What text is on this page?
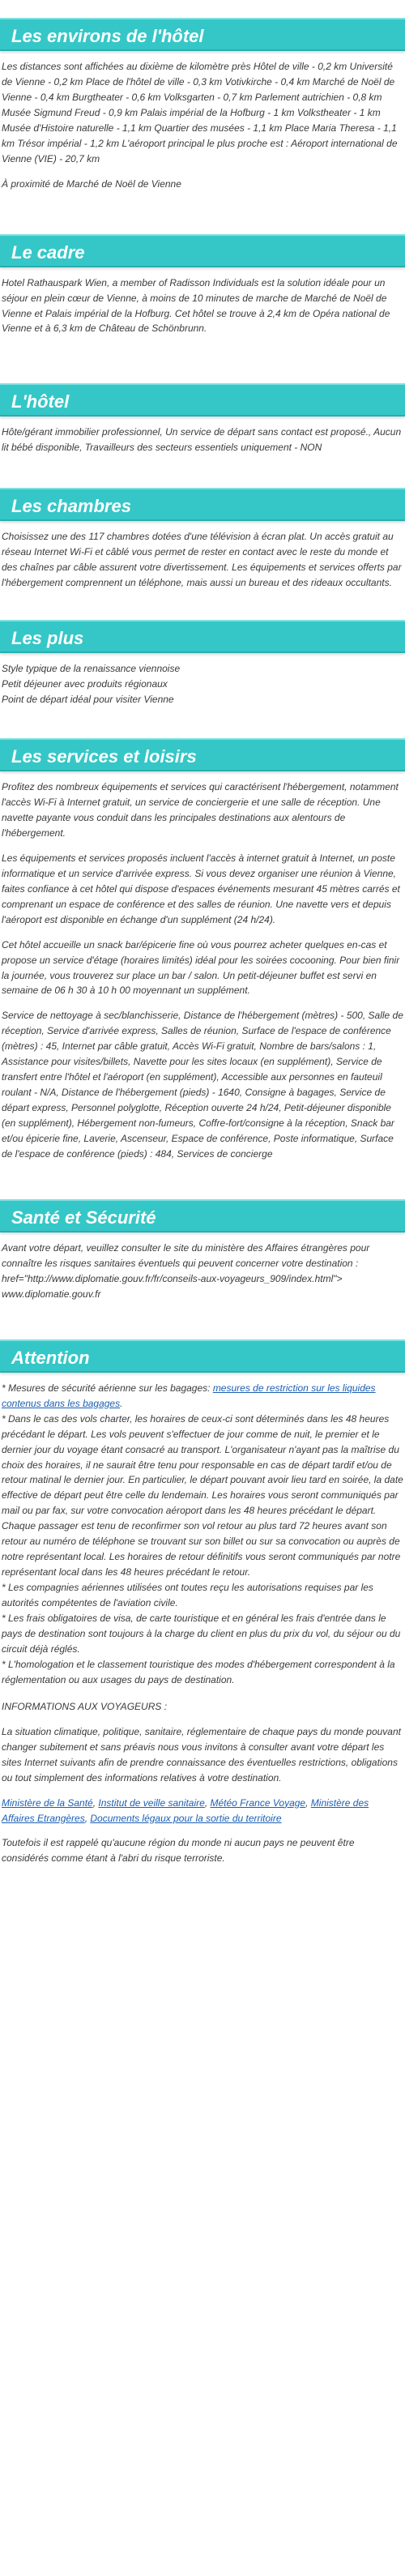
Les environs de l'hôtel

Les distances sont affichées au dixième de kilomètre près Hôtel de ville - 0,2 km Université de Vienne - 0,2 km Place de l'hôtel de ville - 0,3 km Votivkirche - 0,4 km Marché de Noël de Vienne - 0,4 km Burgtheater - 0,6 km Volksgarten - 0,7 km Parlement autrichien - 0,8 km Musée Sigmund Freud - 0,9 km Palais impérial de la Hofburg - 1 km Volkstheater - 1 km Musée d'Histoire naturelle - 1,1 km Quartier des musées - 1,1 km Place Maria Theresa - 1,1 km Trésor impérial - 1,2 km L'aéroport principal le plus proche est : Aéroport international de Vienne (VIE) - 20,7 km

À proximité de Marché de Noël de Vienne

Le cadre

Hotel Rathauspark Wien, a member of Radisson Individuals est la solution idéale pour un séjour en plein cœur de Vienne, à moins de 10 minutes de marche de Marché de Noël de Vienne et Palais impérial de la Hofburg. Cet hôtel se trouve à 2,4 km de Opéra national de Vienne et à 6,3 km de Château de Schönbrunn.

L'hôtel

Hôte/gérant immobilier professionnel, Un service de départ sans contact est proposé., Aucun lit bébé disponible, Travailleurs des secteurs essentiels uniquement - NON

Les chambres

Choisissez une des 117 chambres dotées d'une télévision à écran plat. Un accès gratuit au réseau Internet Wi-Fi et câblé vous permet de rester en contact avec le reste du monde et des chaînes par câble assurent votre divertissement. Les équipements et services offerts par l'hébergement comprennent un téléphone, mais aussi un bureau et des rideaux occultants.

Les plus
Style typique de la renaissance viennoise
Petit déjeuner avec produits régionaux
Point de départ idéal pour visiter Vienne
Les services et loisirs

Profitez des nombreux équipements et services qui caractérisent l'hébergement, notamment l'accès Wi-Fi à Internet gratuit, un service de conciergerie et une salle de réception. Une navette payante vous conduit dans les principales destinations aux alentours de l'hébergement.

Les équipements et services proposés incluent l'accès à internet gratuit à Internet, un poste informatique et un service d'arrivée express. Si vous devez organiser une réunion à Vienne, faites confiance à cet hôtel qui dispose d'espaces événements mesurant 45 mètres carrés et comprenant un espace de conférence et des salles de réunion. Une navette vers et depuis l'aéroport est disponible en échange d'un supplément (24 h/24).

Cet hôtel accueille un snack bar/épicerie fine où vous pourrez acheter quelques en-cas et propose un service d'étage (horaires limités) idéal pour les soirées cocooning. Pour bien finir la journée, vous trouverez sur place un bar / salon. Un petit-déjeuner buffet est servi en semaine de 06 h 30 à 10 h 00 moyennant un supplément.

Service de nettoyage à sec/blanchisserie, Distance de l'hébergement (mètres) - 500, Salle de réception, Service d'arrivée express, Salles de réunion, Surface de l'espace de conférence (mètres) : 45, Internet par câble gratuit, Accès Wi-Fi gratuit, Nombre de bars/salons : 1, Assistance pour visites/billets, Navette pour les sites locaux (en supplément), Service de transfert entre l'hôtel et l'aéroport (en supplément), Accessible aux personnes en fauteuil roulant - N/A, Distance de l'hébergement (pieds) - 1640, Consigne à bagages, Service de départ express, Personnel polyglotte, Réception ouverte 24 h/24, Petit-déjeuner disponible (en supplément), Hébergement non-fumeurs, Coffre-fort/consigne à la réception, Snack bar et/ou épicerie fine, Laverie, Ascenseur, Espace de conférence, Poste informatique, Surface de l'espace de conférence (pieds) : 484, Services de concierge

Santé et Sécurité

Avant votre départ, veuillez consulter le site du ministère des Affaires étrangères pour connaître les risques sanitaires éventuels qui peuvent concerner votre destination : href="http://www.diplomatie.gouv.fr/fr/conseils-aux-voyageurs_909/index.html"> www.diplomatie.gouv.fr

Attention
* Mesures de sécurité aérienne sur les bagages: mesures de restriction sur les liquides contenus dans les bagages.
* Dans le cas des vols charter, les horaires de ceux-ci sont déterminés dans les 48 heures précédant le départ. Les vols peuvent s'effectuer de jour comme de nuit, le premier et le dernier jour du voyage étant consacré au transport. L'organisateur n'ayant pas la maîtrise du choix des horaires, il ne saurait être tenu pour responsable en cas de départ tardif et/ou de retour matinal le dernier jour. En particulier, le départ pouvant avoir lieu tard en soirée, la date effective de départ peut être celle du lendemain. Les horaires vous seront communiqués par mail ou par fax, sur votre convocation aéroport dans les 48 heures précédant le départ. Chaque passager est tenu de reconfirmer son vol retour au plus tard 72 heures avant son retour au numéro de téléphone se trouvant sur son billet ou sur sa convocation ou auprès de notre représentant local. Les horaires de retour définitifs vous seront communiqués par notre représentant local dans les 48 heures précédant le retour.
* Les compagnies aériennes utilisées ont toutes reçu les autorisations requises par les autorités compétentes de l'aviation civile.
* Les frais obligatoires de visa, de carte touristique et en général les frais d'entrée dans le pays de destination sont toujours à la charge du client en plus du prix du vol, du séjour ou du circuit déjà réglés.
* L'homologation et le classement touristique des modes d'hébergement correspondent à la réglementation ou aux usages du pays de destination.

INFORMATIONS AUX VOYAGEURS :

La situation climatique, politique, sanitaire, réglementaire de chaque pays du monde pouvant changer subitement et sans préavis nous vous invitons à consulter avant votre départ les sites Internet suivants afin de prendre connaissance des éventuelles restrictions, obligations ou tout simplement des informations relatives à votre destination.

Ministère de la Santé, Institut de veille sanitaire, Météo France Voyage, Ministère des Affaires Etrangères, Documents légaux pour la sortie du territoire

Toutefois il est rappelé qu'aucune région du monde ni aucun pays ne peuvent être considérés comme étant à l'abri du risque terroriste.
